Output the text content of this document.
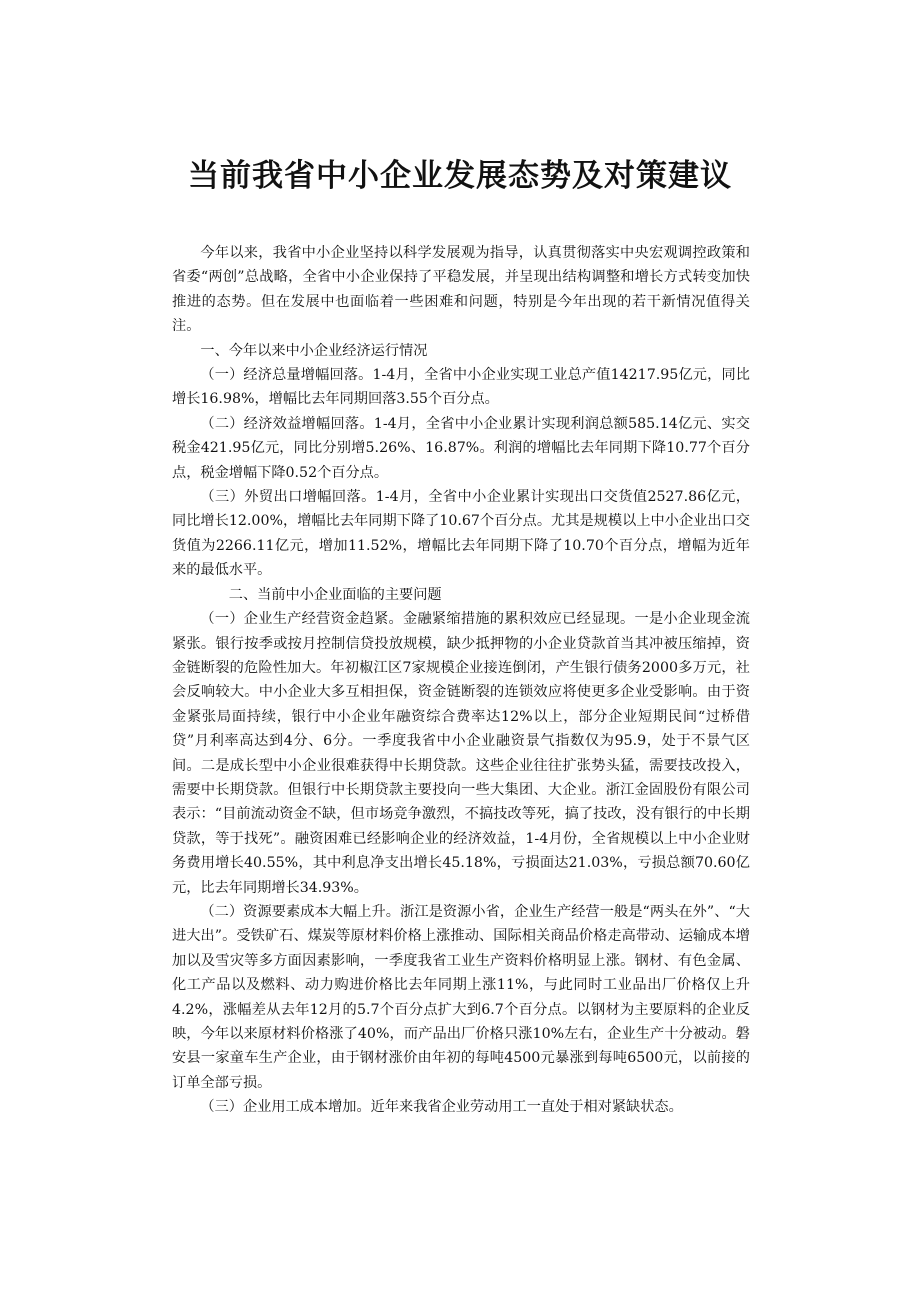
当前我省中小企业发展态势及对策建议

今年以来，我省中小企业坚持以科学发展观为指导，认真贯彻落实中央宏观调控政策和省委“两创”总战略，全省中小企业保持了平稳发展，并呈现出结构调整和增长方式转变加快推进的态势。但在发展中也面临着一些困难和问题，特别是今年出现的若干新情况值得关注。

一、今年以来中小企业经济运行情况

（一）经济总量增幅回落。1-4月，全省中小企业实现工业总产值14217.95亿元，同比增长16.98%，增幅比去年同期回落3.55个百分点。

（二）经济效益增幅回落。1-4月，全省中小企业累计实现利润总额585.14亿元、实交税金421.95亿元，同比分别增5.26%、16.87%。利润的增幅比去年同期下降10.77个百分点，税金增幅下降0.52个百分点。

（三）外贸出口增幅回落。1-4月，全省中小企业累计实现出口交货值2527.86亿元，同比增长12.00%，增幅比去年同期下降了10.67个百分点。尤其是规模以上中小企业出口交货值为2266.11亿元，增加11.52%，增幅比去年同期下降了10.70个百分点，增幅为近年来的最低水平。

二、当前中小企业面临的主要问题

（一）企业生产经营资金趋紧。金融紧缩措施的累积效应已经显现。一是小企业现金流紧张。银行按季或按月控制信贷投放规模，缺少抵押物的小企业贷款首当其冲被压缩掉，资金链断裂的危险性加大。年初椒江区7家规模企业接连倒闭，产生银行债务2000多万元，社会反响较大。中小企业大多互相担保，资金链断裂的连锁效应将使更多企业受影响。由于资金紧张局面持续，银行中小企业年融资综合费率达12%以上，部分企业短期民间“过桥借贷”月利率高达到4分、6分。一季度我省中小企业融资景气指数仅为95.9，处于不景气区间。二是成长型中小企业很难获得中长期贷款。这些企业往往扩张势头猛，需要技改投入，需要中长期贷款。但银行中长期贷款主要投向一些大集团、大企业。浙江金固股份有限公司表示：“目前流动资金不缺，但市场竞争激烈，不搞技改等死，搞了技改，没有银行的中长期贷款，等于找死”。融资困难已经影响企业的经济效益，1-4月份，全省规模以上中小企业财务费用增长40.55%，其中利息净支出增长45.18%，亏损面达21.03%，亏损总额70.60亿元，比去年同期增长34.93%。

（二）资源要素成本大幅上升。浙江是资源小省，企业生产经营一般是“两头在外”、“大进大出”。受铁矿石、煤炭等原材料价格上涨推动、国际相关商品价格走高带动、运输成本增加以及雪灾等多方面因素影响，一季度我省工业生产资料价格明显上涨。钢材、有色金属、化工产品以及燃料、动力购进价格比去年同期上涨11%，与此同时工业品出厂价格仅上升4.2%，涨幅差从去年12月的5.7个百分点扩大到6.7个百分点。以钢材为主要原料的企业反映，今年以来原材料价格涨了40%，而产品出厂价格只涨10%左右，企业生产十分被动。磐安县一家童车生产企业，由于钢材涨价由年初的每吨4500元暴涨到每吨6500元，以前接的订单全部亏损。

（三）企业用工成本增加。近年来我省企业劳动用工一直处于相对紧缺状态。
